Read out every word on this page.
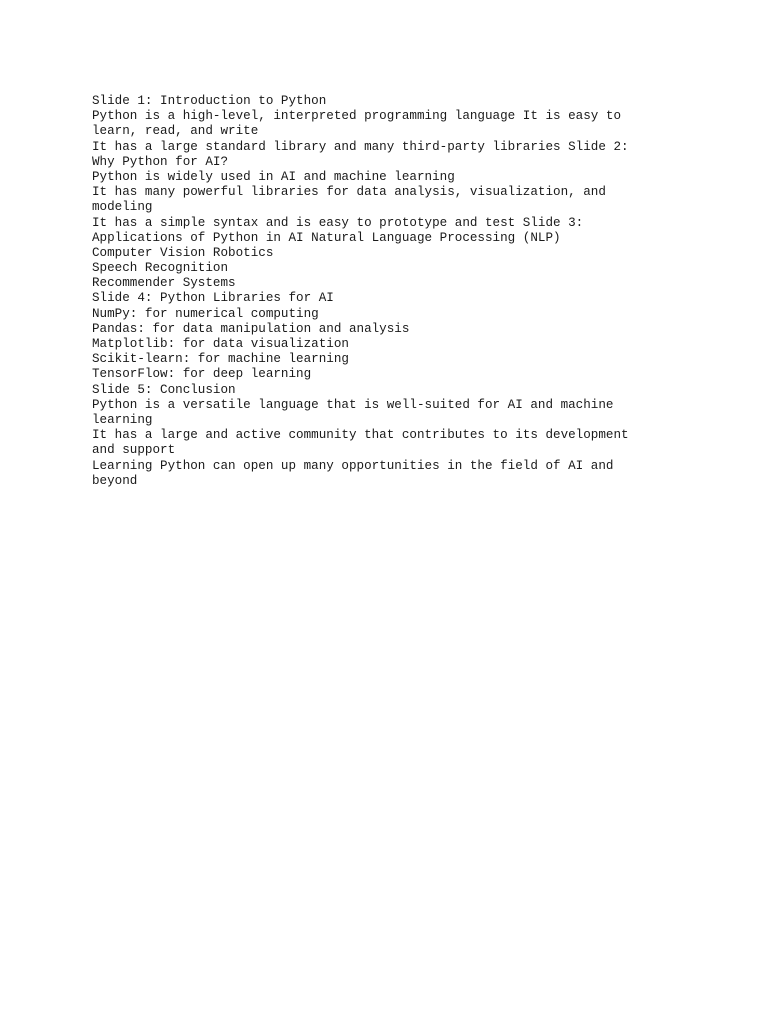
Slide 1: Introduction to Python
Python is a high-level, interpreted programming language It is easy to
learn, read, and write
It has a large standard library and many third-party libraries Slide 2:
Why Python for AI?
Python is widely used in AI and machine learning
It has many powerful libraries for data analysis, visualization, and
modeling
It has a simple syntax and is easy to prototype and test Slide 3:
Applications of Python in AI Natural Language Processing (NLP)
Computer Vision Robotics
Speech Recognition
Recommender Systems
Slide 4: Python Libraries for AI
NumPy: for numerical computing
Pandas: for data manipulation and analysis
Matplotlib: for data visualization
Scikit-learn: for machine learning
TensorFlow: for deep learning
Slide 5: Conclusion
Python is a versatile language that is well-suited for AI and machine
learning
It has a large and active community that contributes to its development
and support
Learning Python can open up many opportunities in the field of AI and
beyond
